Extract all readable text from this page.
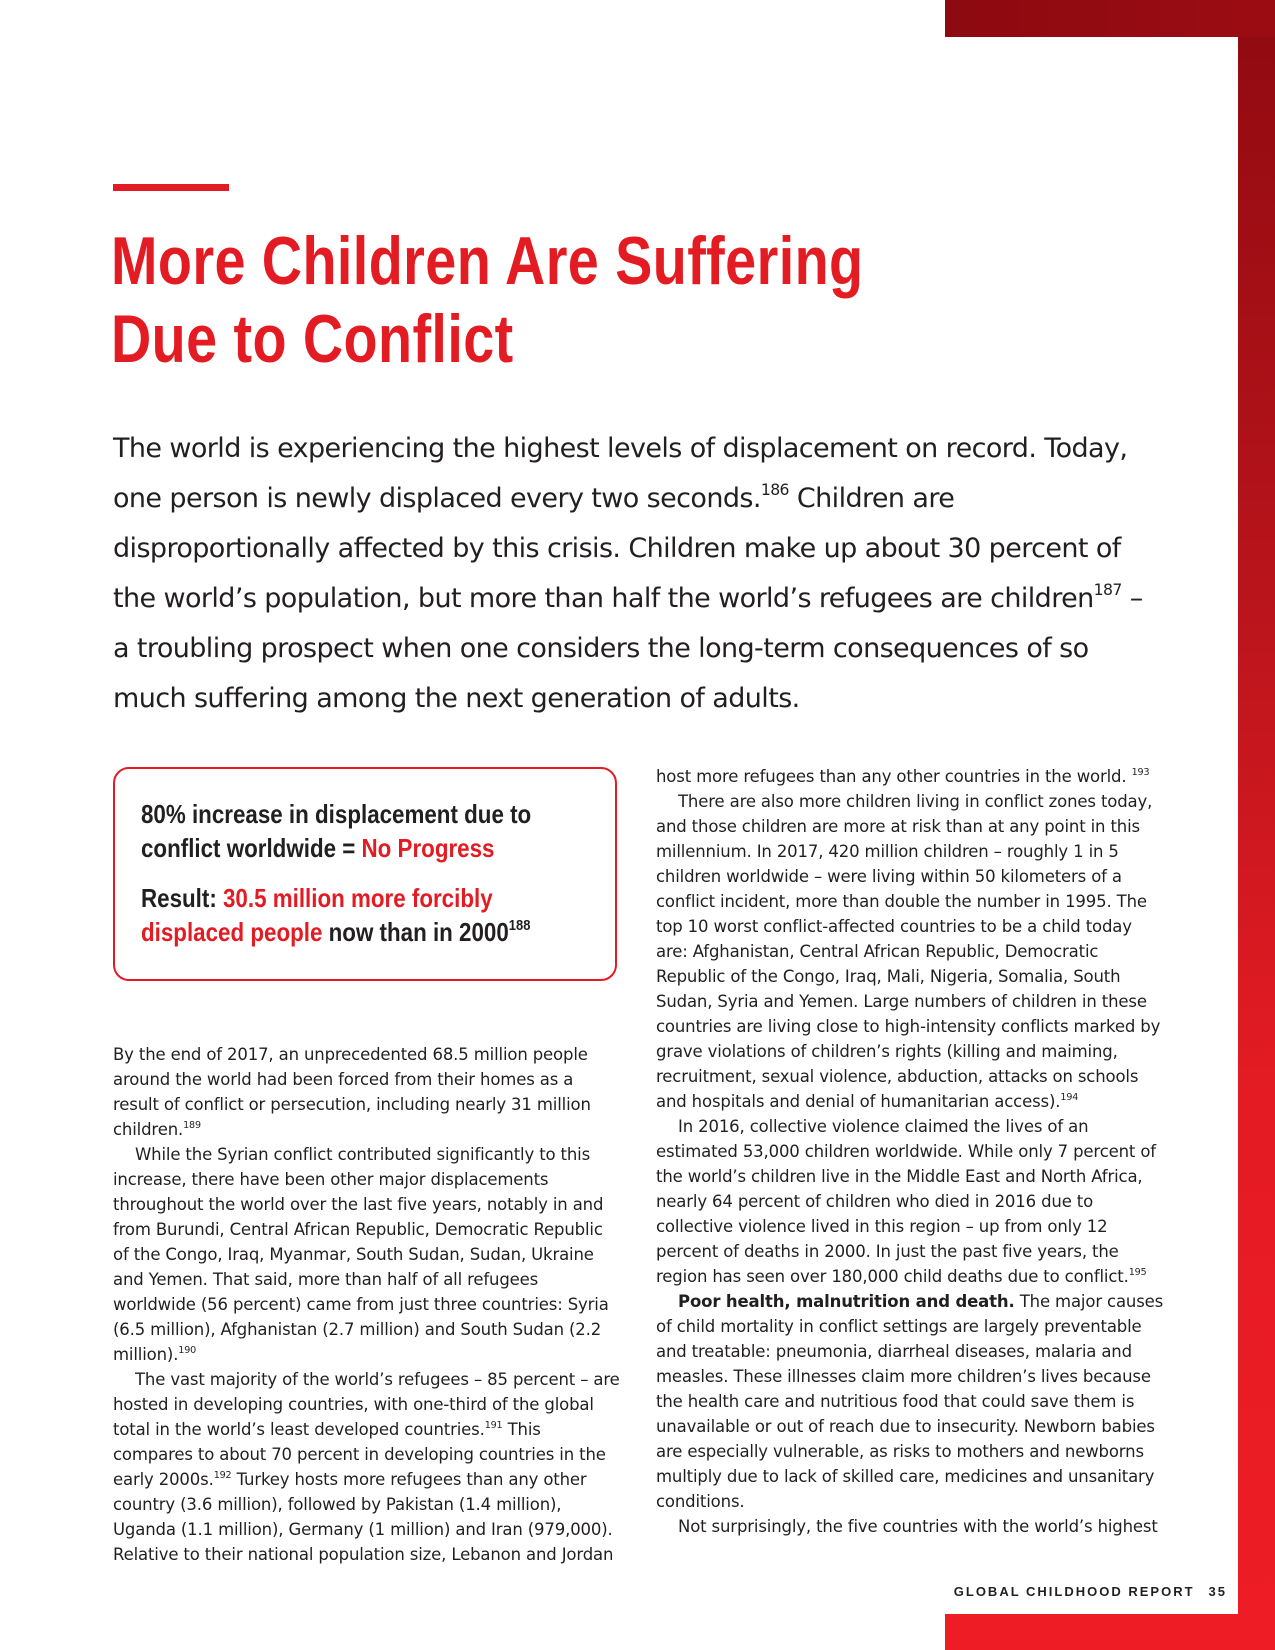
More Children Are Suffering
Due to Conflict

The world is experiencing the highest levels of displacement on record. Today, one person is newly displaced every two seconds.$^{186}$ Children are disproportionally affected by this crisis. Children make up about 30 percent of the world’s population, but more than half the world’s refugees are children$^{187}$ – a troubling prospect when one considers the long-term consequences of so much suffering among the next generation of adults.

80% increase in displacement due to conflict worldwide = No Progress

Result: 30.5 million more forcibly displaced people now than in 2000$^{188}$

By the end of 2017, an unprecedented 68.5 million people around the world had been forced from their homes as a result of conflict or persecution, including nearly 31 million children.$^{189}$

While the Syrian conflict contributed significantly to this increase, there have been other major displacements throughout the world over the last five years, notably in and from Burundi, Central African Republic, Democratic Republic of the Congo, Iraq, Myanmar, South Sudan, Sudan, Ukraine and Yemen. That said, more than half of all refugees worldwide (56 percent) came from just three countries: Syria (6.5 million), Afghanistan (2.7 million) and South Sudan (2.2 million).$^{190}$

The vast majority of the world’s refugees – 85 percent – are hosted in developing countries, with one-third of the global total in the world’s least developed countries.$^{191}$ This compares to about 70 percent in developing countries in the early 2000s.$^{192}$ Turkey hosts more refugees than any other country (3.6 million), followed by Pakistan (1.4 million), Uganda (1.1 million), Germany (1 million) and Iran (979,000). Relative to their national population size, Lebanon and Jordan

host more refugees than any other countries in the world. $^{193}$

There are also more children living in conflict zones today, and those children are more at risk than at any point in this millennium. In 2017, 420 million children – roughly 1 in 5 children worldwide – were living within 50 kilometers of a conflict incident, more than double the number in 1995. The top 10 worst conflict-affected countries to be a child today are: Afghanistan, Central African Republic, Democratic Republic of the Congo, Iraq, Mali, Nigeria, Somalia, South Sudan, Syria and Yemen. Large numbers of children in these countries are living close to high-intensity conflicts marked by grave violations of children’s rights (killing and maiming, recruitment, sexual violence, abduction, attacks on schools and hospitals and denial of humanitarian access).$^{194}$

In 2016, collective violence claimed the lives of an estimated 53,000 children worldwide. While only 7 percent of the world’s children live in the Middle East and North Africa, nearly 64 percent of children who died in 2016 due to collective violence lived in this region – up from only 12 percent of deaths in 2000. In just the past five years, the region has seen over 180,000 child deaths due to conflict.$^{195}$

Poor health, malnutrition and death. The major causes of child mortality in conflict settings are largely preventable and treatable: pneumonia, diarrheal diseases, malaria and measles. These illnesses claim more children’s lives because the health care and nutritious food that could save them is unavailable or out of reach due to insecurity. Newborn babies are especially vulnerable, as risks to mothers and newborns multiply due to lack of skilled care, medicines and unsanitary conditions.

Not surprisingly, the five countries with the world’s highest

GLOBAL CHILDHOOD REPORT 35
